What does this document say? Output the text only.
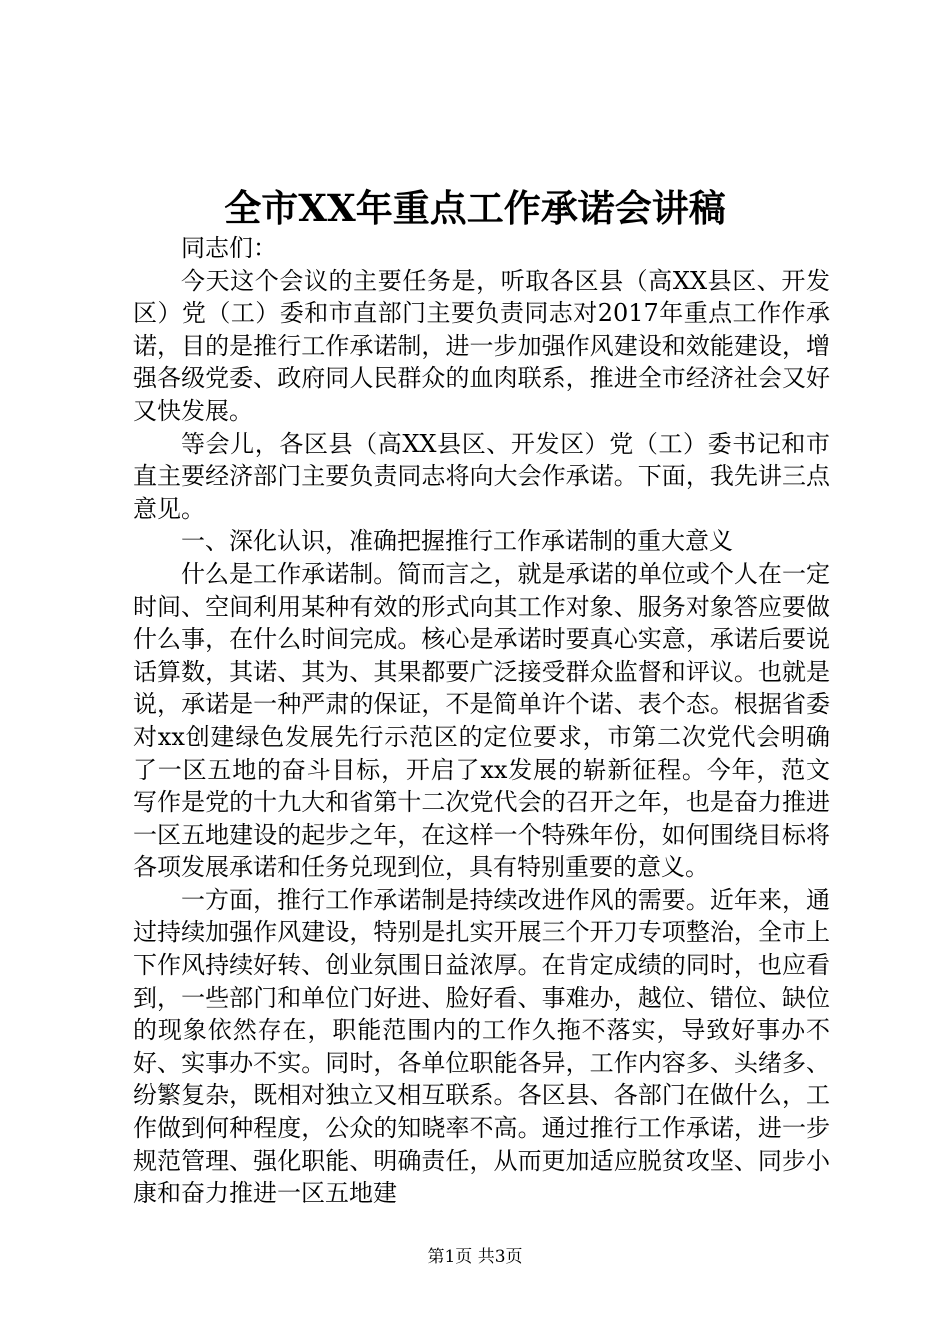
全市XX年重点工作承诺会讲稿

同志们：

今天这个会议的主要任务是，听取各区县（高XX县区、开发区）党（工）委和市直部门主要负责同志对2017年重点工作作承诺，目的是推行工作承诺制，进一步加强作风建设和效能建设，增强各级党委、政府同人民群众的血肉联系，推进全市经济社会又好又快发展。

等会儿，各区县（高XX县区、开发区）党（工）委书记和市直主要经济部门主要负责同志将向大会作承诺。下面，我先讲三点意见。

一、深化认识，准确把握推行工作承诺制的重大意义

什么是工作承诺制。简而言之，就是承诺的单位或个人在一定时间、空间利用某种有效的形式向其工作对象、服务对象答应要做什么事，在什么时间完成。核心是承诺时要真心实意，承诺后要说话算数，其诺、其为、其果都要广泛接受群众监督和评议。也就是说，承诺是一种严肃的保证，不是简单许个诺、表个态。根据省委对xx创建绿色发展先行示范区的定位要求，市第二次党代会明确了一区五地的奋斗目标，开启了xx发展的崭新征程。今年，范文写作是党的十九大和省第十二次党代会的召开之年，也是奋力推进一区五地建设的起步之年，在这样一个特殊年份，如何围绕目标将各项发展承诺和任务兑现到位，具有特别重要的意义。

一方面，推行工作承诺制是持续改进作风的需要。近年来，通过持续加强作风建设，特别是扎实开展三个开刀专项整治，全市上下作风持续好转、创业氛围日益浓厚。在肯定成绩的同时，也应看到，一些部门和单位门好进、脸好看、事难办，越位、错位、缺位的现象依然存在，职能范围内的工作久拖不落实，导致好事办不好、实事办不实。同时，各单位职能各异，工作内容多、头绪多、纷繁复杂，既相对独立又相互联系。各区县、各部门在做什么，工作做到何种程度，公众的知晓率不高。通过推行工作承诺，进一步规范管理、强化职能、明确责任，从而更加适应脱贫攻坚、同步小康和奋力推进一区五地建

第1页 共3页
